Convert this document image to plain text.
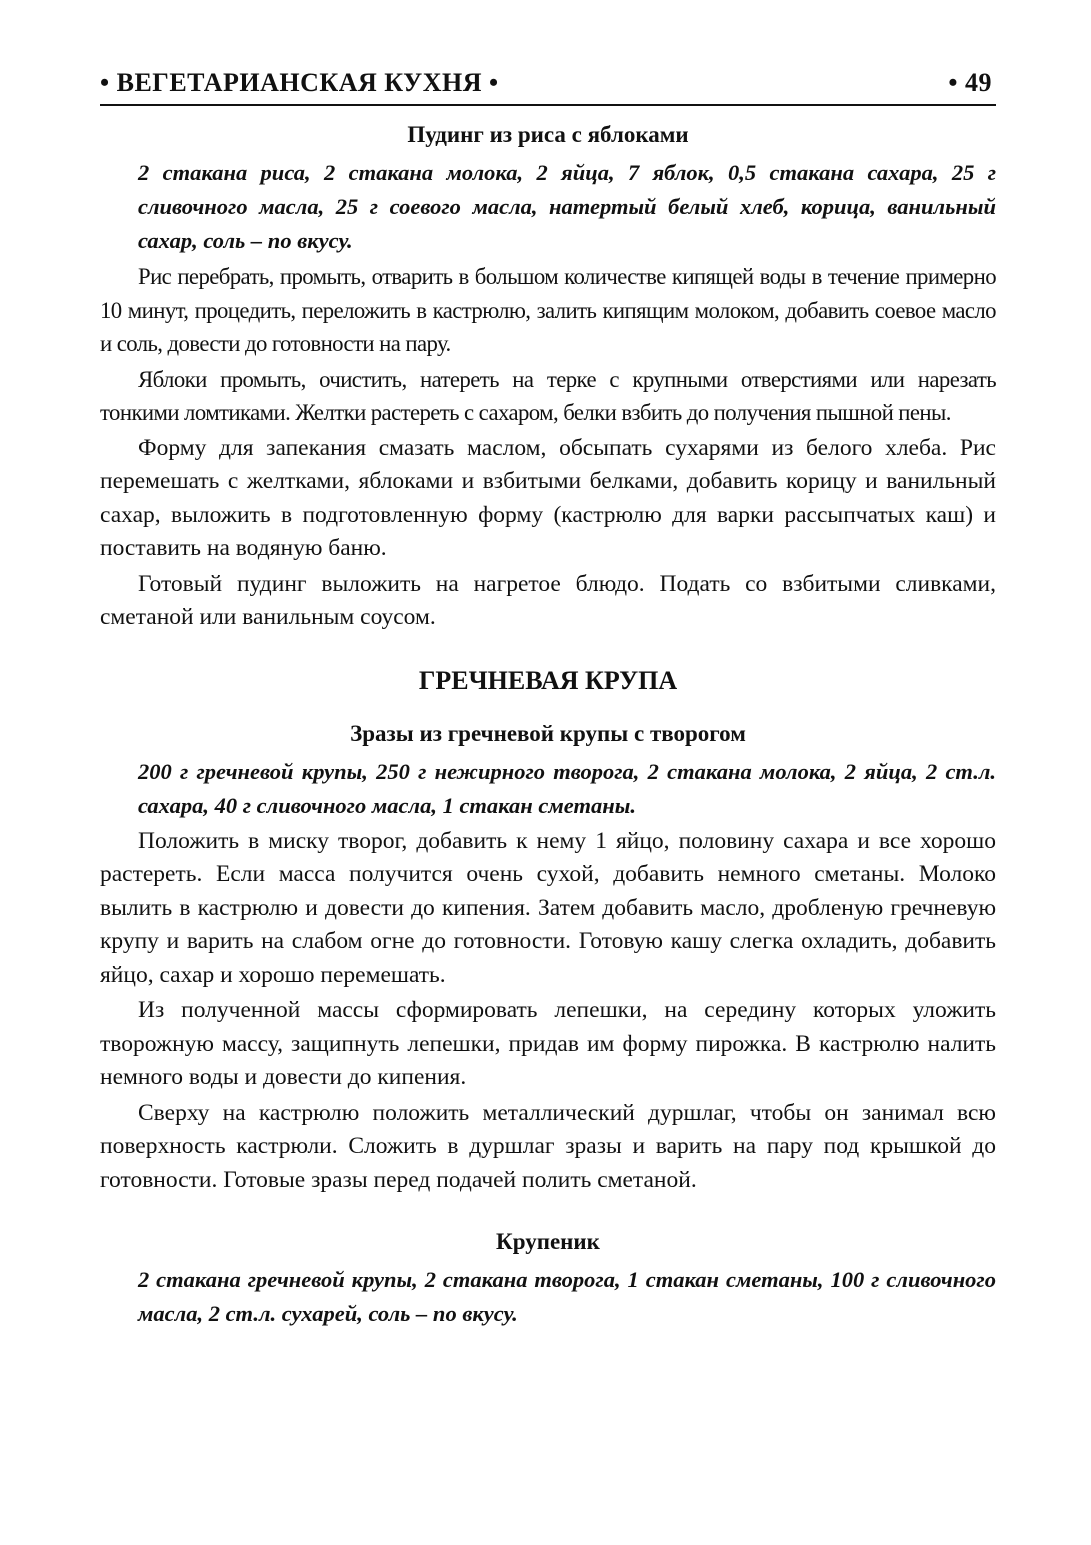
• ВЕГЕТАРИАНСКАЯ КУХНЯ •	• 49
Пудинг из риса с яблоками
2 стакана риса, 2 стакана молока, 2 яйца, 7 яблок, 0,5 стакана сахара, 25 г сливочного масла, 25 г соевого масла, натертый белый хлеб, корица, ванильный сахар, соль – по вкусу.

Рис перебрать, промыть, отварить в большом количестве кипящей воды в течение примерно 10 минут, процедить, переложить в кастрюлю, залить кипящим молоком, добавить соевое масло и соль, довести до готовности на пару.

Яблоки промыть, очистить, натереть на терке с крупными отверстиями или нарезать тонкими ломтиками. Желтки растереть с сахаром, белки взбить до получения пышной пены.

Форму для запекания смазать маслом, обсыпать сухарями из белого хлеба. Рис перемешать с желтками, яблоками и взбитыми белками, добавить корицу и ванильный сахар, выложить в подготовленную форму (кастрюлю для варки рассыпчатых каш) и поставить на водяную баню.

Готовый пудинг выложить на нагретое блюдо. Подать со взбитыми сливками, сметаной или ванильным соусом.

ГРЕЧНЕВАЯ КРУПА
Зразы из гречневой крупы с творогом
200 г гречневой крупы, 250 г нежирного творога, 2 стакана молока, 2 яйца, 2 ст.л. сахара, 40 г сливочного масла, 1 стакан сметаны.

Положить в миску творог, добавить к нему 1 яйцо, половину сахара и все хорошо растереть. Если масса получится очень сухой, добавить немного сметаны. Молоко вылить в кастрюлю и довести до кипения. Затем добавить масло, дробленую гречневую крупу и варить на слабом огне до готовности. Готовую кашу слегка охладить, добавить яйцо, сахар и хорошо перемешать.

Из полученной массы сформировать лепешки, на середину которых уложить творожную массу, защипнуть лепешки, придав им форму пирожка. В кастрюлю налить немного воды и довести до кипения.

Сверху на кастрюлю положить металлический дуршлаг, чтобы он занимал всю поверхность кастрюли. Сложить в дуршлаг зразы и варить на пару под крышкой до готовности. Готовые зразы перед подачей полить сметаной.

Крупеник
2 стакана гречневой крупы, 2 стакана творога, 1 стакан сметаны, 100 г сливочного масла, 2 ст.л. сухарей, соль – по вкусу.
